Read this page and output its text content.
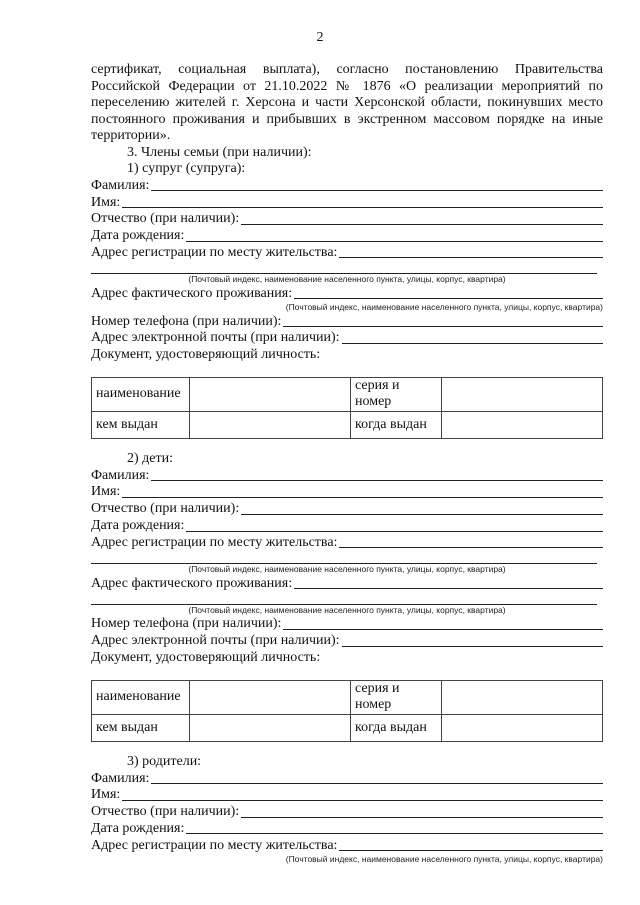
2

сертификат, социальная выплата), согласно постановлению Правительства Российской Федерации от 21.10.2022 № 1876 «О реализации мероприятий по переселению жителей г. Херсона и части Херсонской области, покинувших место постоянного проживания и прибывших в экстренном массовом порядке на иные территории».

3. Члены семьи (при наличии):

1) супруг (супруга):

Фамилия:
Имя:
Отчество (при наличии):
Дата рождения:
Адрес регистрации по месту жительства:
(Почтовый индекс, наименование населенного пункта, улицы, корпус, квартира)
Адрес фактического проживания:
(Почтовый индекс, наименование населенного пункта, улицы, корпус, квартира)
Номер телефона (при наличии):
Адрес электронной почты (при наличии):
Документ, удостоверяющий личность:
наименование		серия и номер	
кем выдан		когда выдан	

2) дети:

Фамилия:
Имя:
Отчество (при наличии):
Дата рождения:
Адрес регистрации по месту жительства:
(Почтовый индекс, наименование населенного пункта, улицы, корпус, квартира)
Адрес фактического проживания:
(Почтовый индекс, наименование населенного пункта, улицы, корпус, квартира)
Номер телефона (при наличии):
Адрес электронной почты (при наличии):
Документ, удостоверяющий личность:
наименование		серия и номер	
кем выдан		когда выдан	

3) родители:

Фамилия:
Имя:
Отчество (при наличии):
Дата рождения:
Адрес регистрации по месту жительства:
(Почтовый индекс, наименование населенного пункта, улицы, корпус, квартира)
